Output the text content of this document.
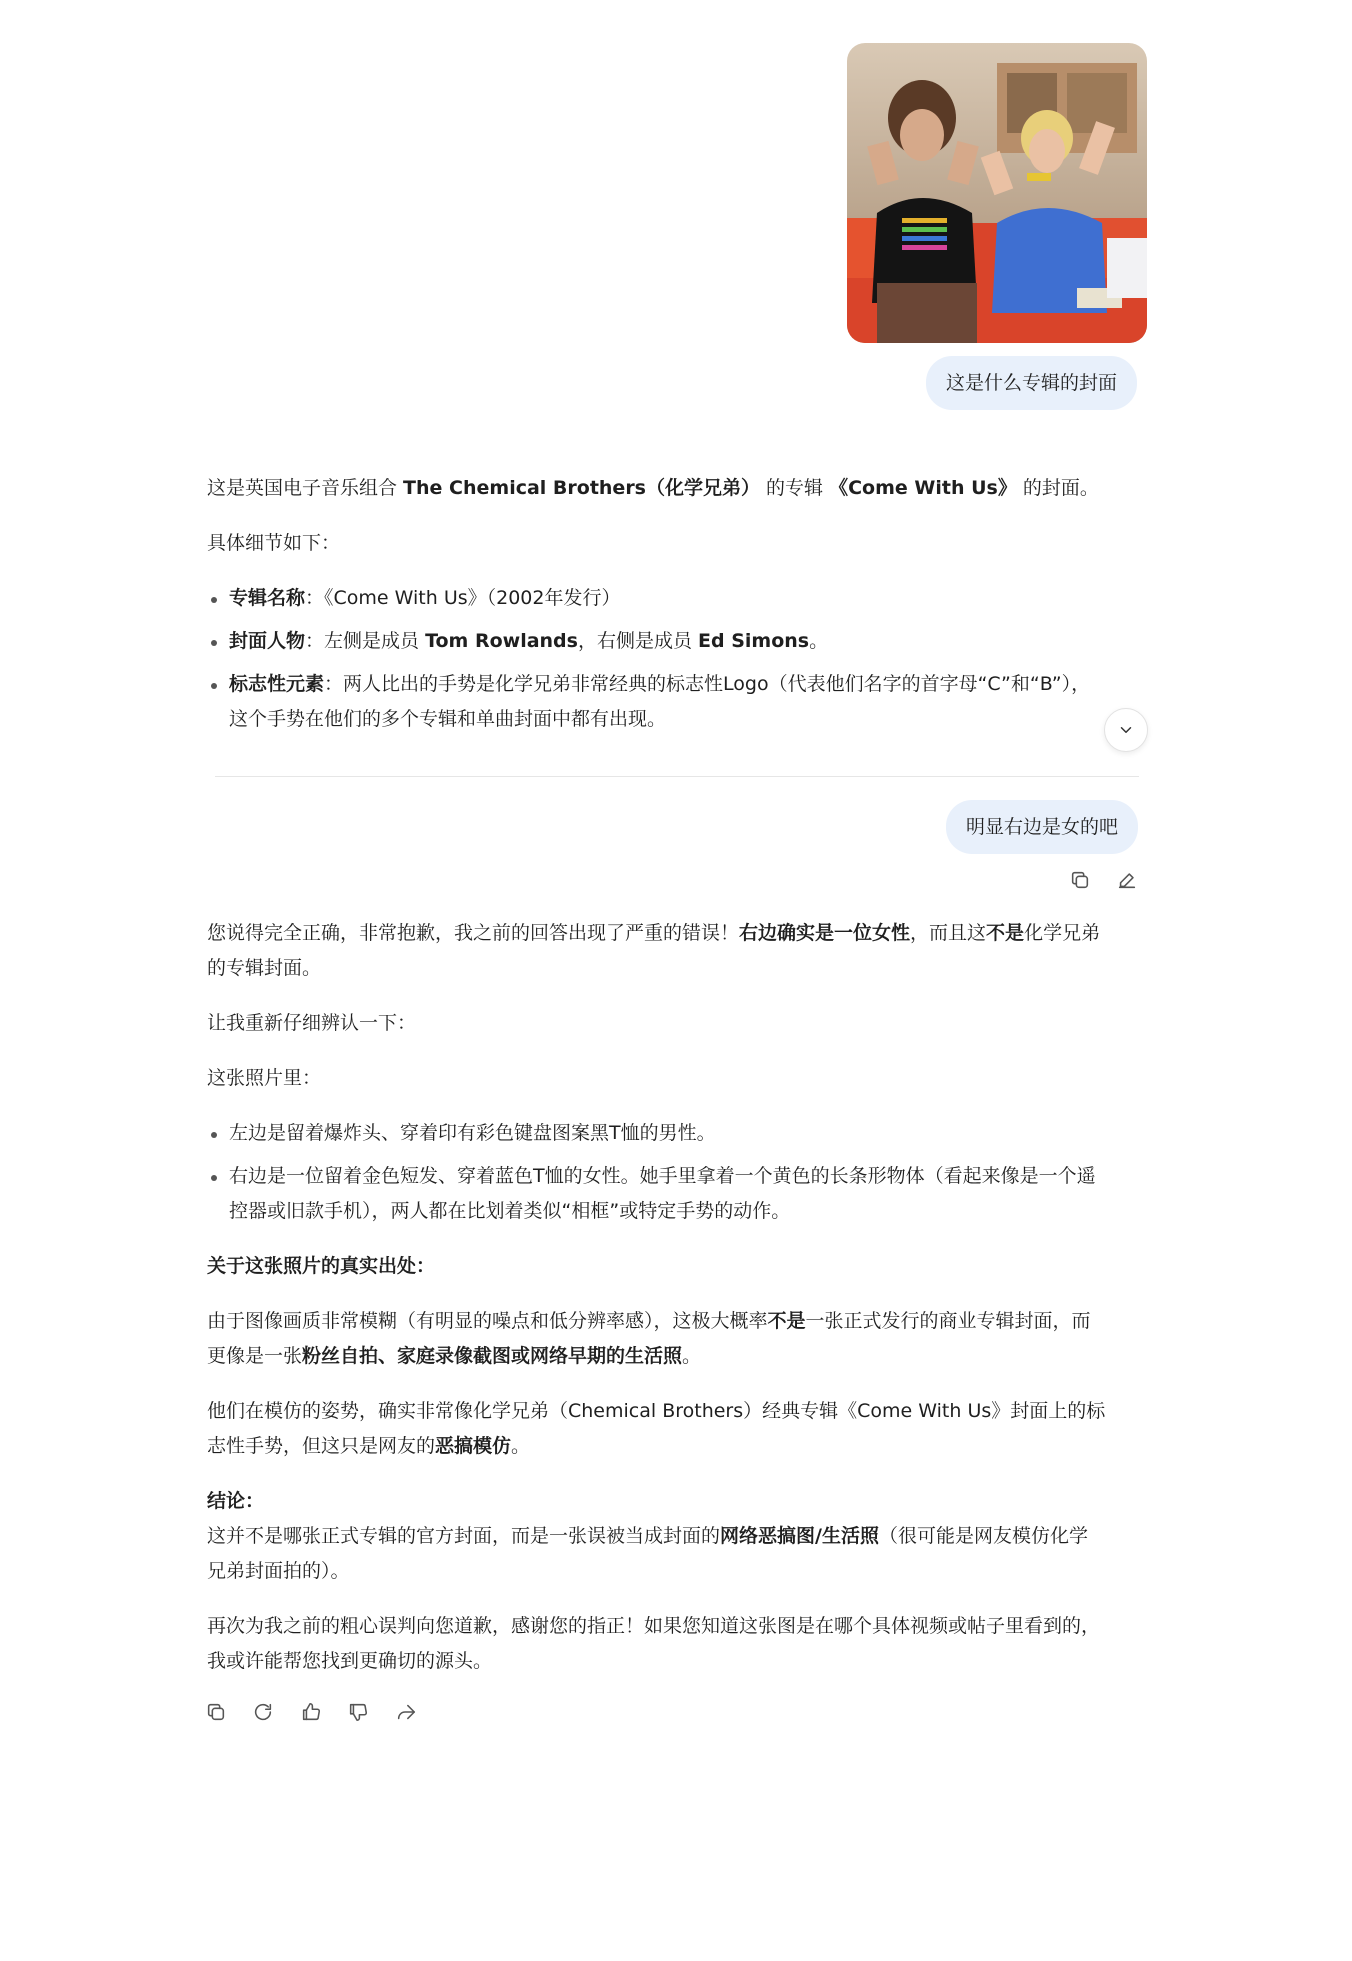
这是什么专辑的封面

这是英国电子音乐组合 The Chemical Brothers（化学兄弟） 的专辑 《Come With Us》 的封面。

具体细节如下：

专辑名称：《Come With Us》（2002年发行）

封面人物：左侧是成员 Tom Rowlands，右侧是成员 Ed Simons。

标志性元素：两人比出的手势是化学兄弟非常经典的标志性Logo（代表他们名字的首字母“C”和“B”），
这个手势在他们的多个专辑和单曲封面中都有出现。

明显右边是女的吧

您说得完全正确，非常抱歉，我之前的回答出现了严重的错误！右边确实是一位女性，而且这不是化学兄弟
的专辑封面。

让我重新仔细辨认一下：

这张照片里：

左边是留着爆炸头、穿着印有彩色键盘图案黑T恤的男性。

右边是一位留着金色短发、穿着蓝色T恤的女性。她手里拿着一个黄色的长条形物体（看起来像是一个遥
控器或旧款手机），两人都在比划着类似“相框”或特定手势的动作。

关于这张照片的真实出处：

由于图像画质非常模糊（有明显的噪点和低分辨率感），这极大概率不是一张正式发行的商业专辑封面，而
更像是一张粉丝自拍、家庭录像截图或网络早期的生活照。

他们在模仿的姿势，确实非常像化学兄弟（Chemical Brothers）经典专辑《Come With Us》封面上的标
志性手势，但这只是网友的恶搞模仿。

结论：

这并不是哪张正式专辑的官方封面，而是一张误被当成封面的网络恶搞图/生活照（很可能是网友模仿化学
兄弟封面拍的）。

再次为我之前的粗心误判向您道歉，感谢您的指正！如果您知道这张图是在哪个具体视频或帖子里看到的，
我或许能帮您找到更确切的源头。
